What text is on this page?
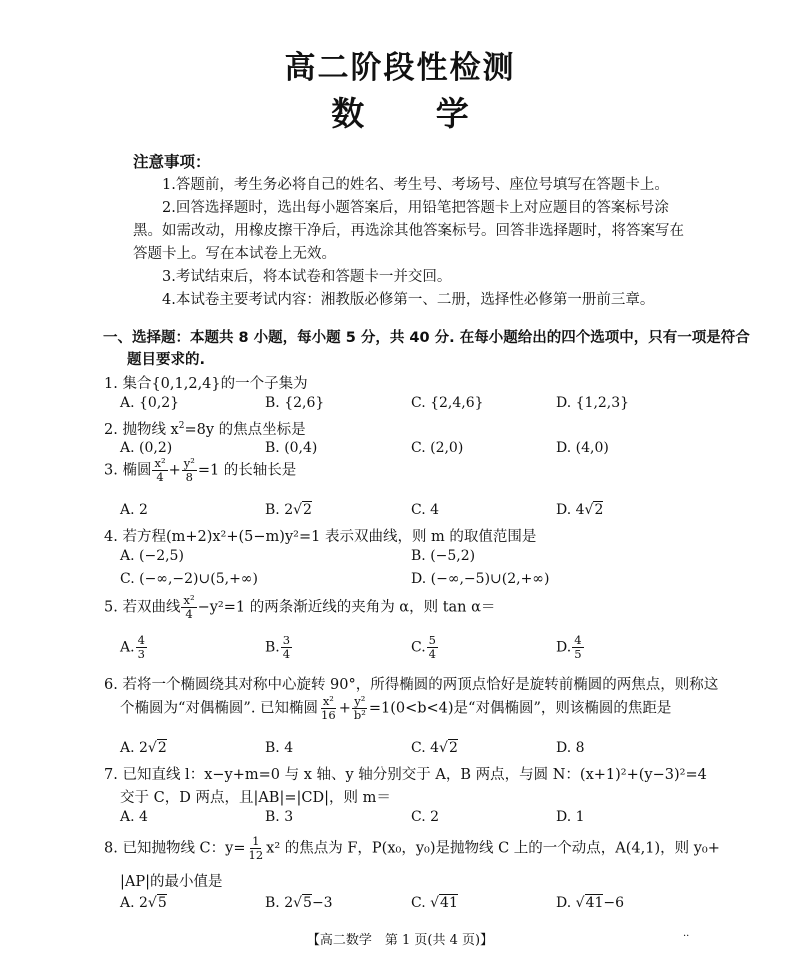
高二阶段性检测
数 学
注意事项：
1.答题前，考生务必将自己的姓名、考生号、考场号、座位号填写在答题卡上。
2.回答选择题时，选出每小题答案后，用铅笔把答题卡上对应题目的答案标号涂
黑。如需改动，用橡皮擦干净后，再选涂其他答案标号。回答非选择题时，将答案写在
答题卡上。写在本试卷上无效。
3.考试结束后，将本试卷和答题卡一并交回。
4.本试卷主要考试内容：湘教版必修第一、二册，选择性必修第一册前三章。
一、选择题：本题共 8 小题，每小题 5 分，共 40 分. 在每小题给出的四个选项中，只有一项是符合
题目要求的.
1. 集合{0,1,2,4}的一个子集为
A. {0,2}	B. {2,6}	C. {2,4,6}	D. {1,2,3}
2. 抛物线 $x^2=8y$ 的焦点坐标是
A. (0,2)	B. (0,4)	C. (2,0)	D. (4,0)
3. 椭圆 $\frac{\text{x²}}{4} + \frac{\text{y²}}{8} =1$ 的长轴长是
A. 2	B. 2√2	C. 4	D. 4√2
4. 若方程(m+2)x²+(5−m)y²=1 表示双曲线，则 m 的取值范围是
A. (−2,5)	B. (−5,2)
C. (−∞,−2)∪(5,+∞)	D. (−∞,−5)∪(2,+∞)
5. 若双曲线 $\frac{\text{x²}}{4} -y^2=1$ 的两条渐近线的夹角为 α，则 tan α＝
A. $\frac{4}{3}$	B. $\frac{3}{4}$	C. $\frac{5}{4}$	D. $\frac{4}{5}$
6. 若将一个椭圆绕其对称中心旋转 90°，所得椭圆的两顶点恰好是旋转前椭圆的两焦点，则称这
个椭圆为“对偶椭圆”. 已知椭圆 $\frac{\text{x²}}{16} + \frac{\text{y²}}{\text{b²}} =1(0<b<4)$是“对偶椭圆”，则该椭圆的焦距是
A. 2√2	B. 4	C. 4√2	D. 8
7. 已知直线 l：x−y+m=0 与 x 轴、y 轴分别交于 A，B 两点，与圆 N：(x+1)²+(y−3)²=4
交于 C，D 两点，且|AB|=|CD|，则 m＝
A. 4	B. 3	C. 2	D. 1
8. 已知抛物线 C：$y= \frac{1}{12} x^2$ 的焦点为 F，P(x₀，y₀)是抛物线 C 上的一个动点，A(4,1)，则 y₀+
|AP|的最小值是
A. 2√5	B. 2√5−3	C. √41	D. √41−6
【高二数学　第 1 页(共 4 页)】	··
